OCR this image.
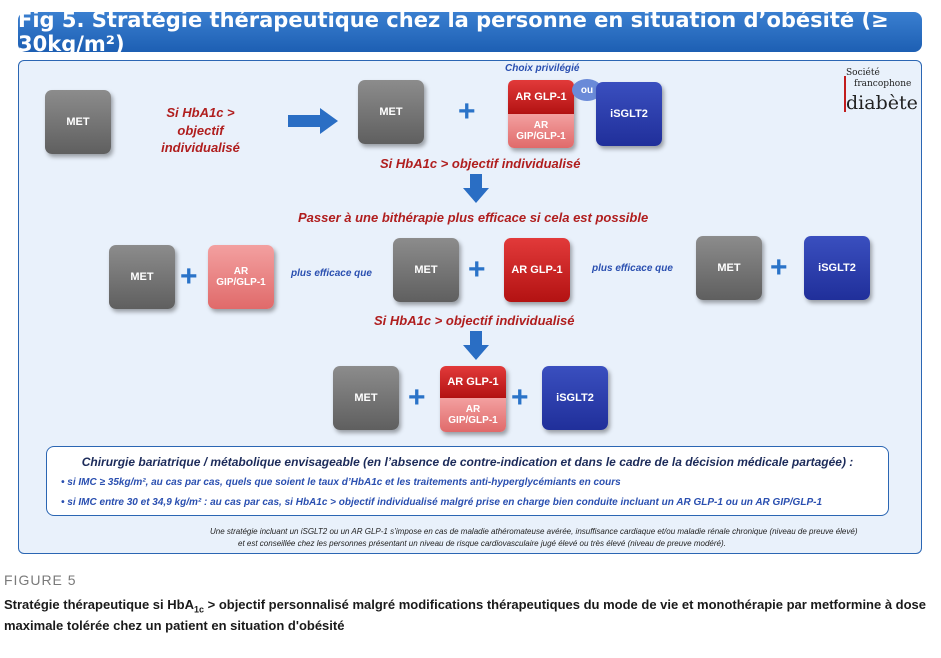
Fig 5. Stratégie thérapeutique chez la personne en situation d’obésité (≥ 30kg/m²)
Société
francophone
diabète
MET
Si HbA1c >
objectif individualisé
MET	+
Choix privilégié
AR GLP-1
AR
GIP/GLP-1
ou
iSGLT2
Si HbA1c > objectif individualisé
Passer à une bithérapie plus efficace si cela est possible
MET +	AR
GIP/GLP-1
plus efficace que	MET	+	AR GLP-1	plus efficace que	MET +	iSGLT2
Si HbA1c > objectif individualisé
MET	+	AR GLP-1
AR
GIP/GLP-1
+	iSGLT2
Chirurgie bariatrique / métabolique envisageable (en l’absence de contre-indication et dans le cadre de la décision médicale partagée) :
• si IMC ≥ 35kg/m², au cas par cas, quels que soient le taux d’HbA1c et les traitements anti-hyperglycémiants en cours
• si IMC entre 30 et 34,9 kg/m² : au cas par cas, si HbA1c > objectif individualisé malgré prise en charge bien conduite incluant un AR GLP-1 ou un AR GIP/GLP-1
Une stratégie incluant un iSGLT2 ou un AR GLP-1 s’impose en cas de maladie athéromateuse avérée, insuffisance cardiaque et/ou maladie rénale chronique (niveau de preuve élevé)
et est conseillée chez les personnes présentant un niveau de risque cardiovasculaire jugé élevé ou très élevé (niveau de preuve modéré).
FIGURE 5
Stratégie thérapeutique si HbA$_{1c}$ > objectif personnalisé malgré modifications thérapeutiques du mode de vie et monothérapie par metformine à dose maximale tolérée chez un patient en situation d'obésité
